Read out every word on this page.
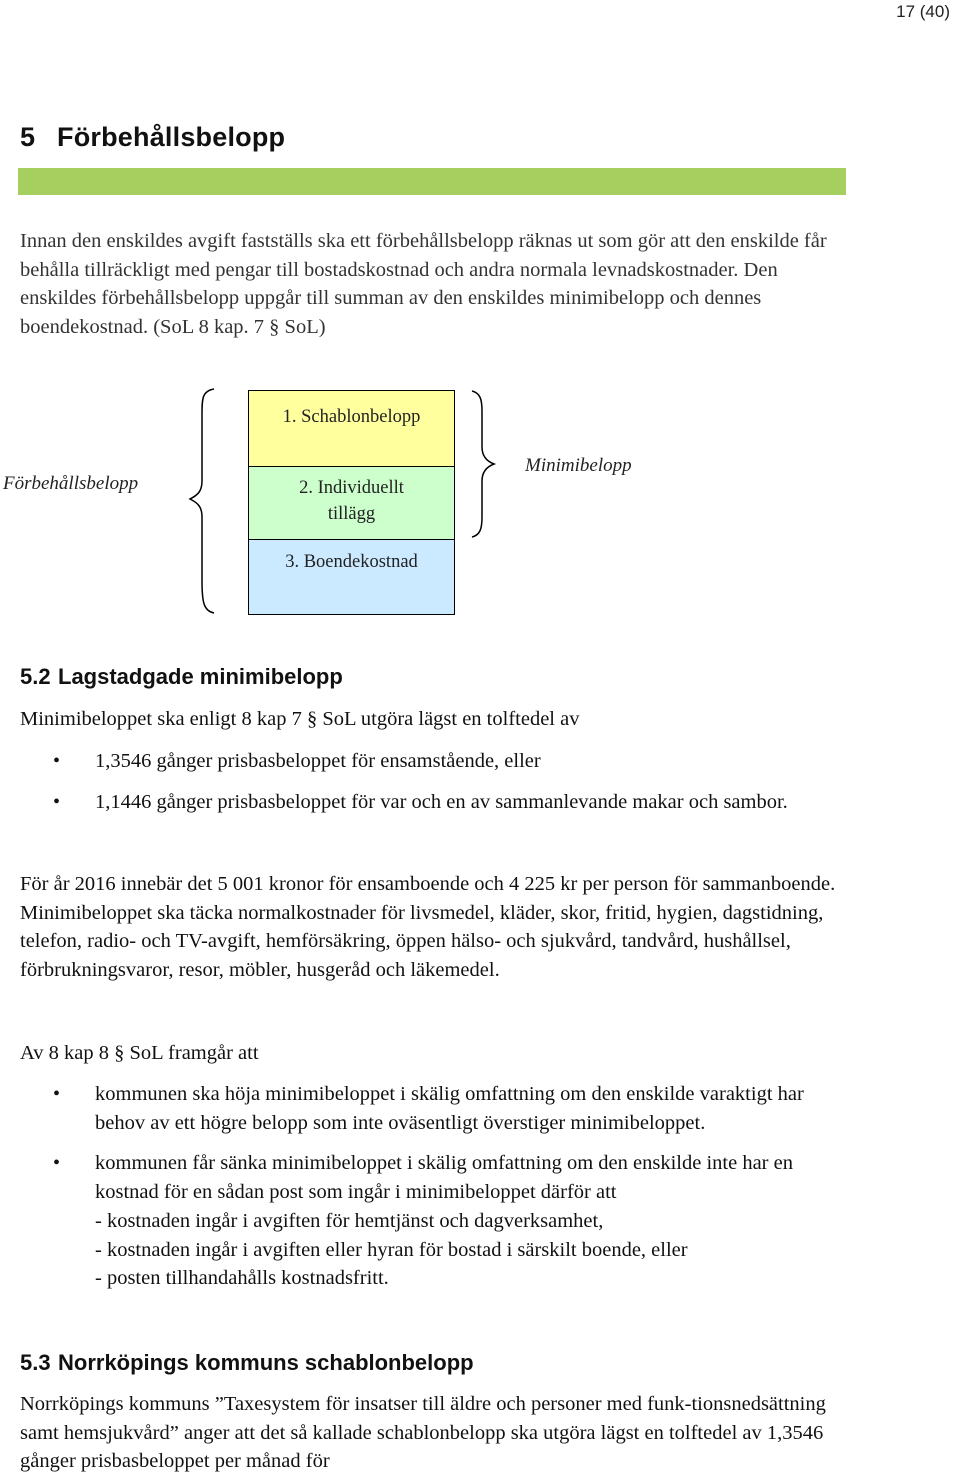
17 (40)
5 Förbehållsbelopp
Innan den enskildes avgift fastställs ska ett förbehållsbelopp räknas ut som gör att den enskilde får behålla tillräckligt med pengar till bostadskostnad och andra normala levnadskostnader. Den enskildes förbehållsbelopp uppgår till summan av den enskildes minimibelopp och dennes boendekostnad. (SoL 8 kap. 7 § SoL)
Förbehållsbelopp
1. Schablonbelopp
2. Individuellt
tillägg
3. Boendekostnad
Minimibelopp
5.2 Lagstadgade minimibelopp
Minimibeloppet ska enligt 8 kap 7 § SoL utgöra lägst en tolftedel av
• 1,3546 gånger prisbasbeloppet för ensamstående, eller
• 1,1446 gånger prisbasbeloppet för var och en av sammanlevande makar och sambor.
För år 2016 innebär det 5 001 kronor för ensamboende och 4 225 kr per person för sammanboende. Minimibeloppet ska täcka normalkostnader för livsmedel, kläder, skor, fritid, hygien, dagstidning, telefon, radio- och TV-avgift, hemförsäkring, öppen hälso- och sjukvård, tandvård, hushållsel, förbrukningsvaror, resor, möbler, husgeråd och läkemedel.
Av 8 kap 8 § SoL framgår att
• kommunen ska höja minimibeloppet i skälig omfattning om den enskilde varaktigt har behov av ett högre belopp som inte oväsentligt överstiger minimibeloppet.
• kommunen får sänka minimibeloppet i skälig omfattning om den enskilde inte har en kostnad för en sådan post som ingår i minimibeloppet därför att
- kostnaden ingår i avgiften för hemtjänst och dagverksamhet,
- kostnaden ingår i avgiften eller hyran för bostad i särskilt boende, eller
- posten tillhandahålls kostnadsfritt.
5.3 Norrköpings kommuns schablonbelopp
Norrköpings kommuns ”Taxesystem för insatser till äldre och personer med funk-tionsnedsättning samt hemsjukvård” anger att det så kallade schablonbelopp ska utgöra lägst en tolftedel av 1,3546 gånger prisbasbeloppet per månad för
